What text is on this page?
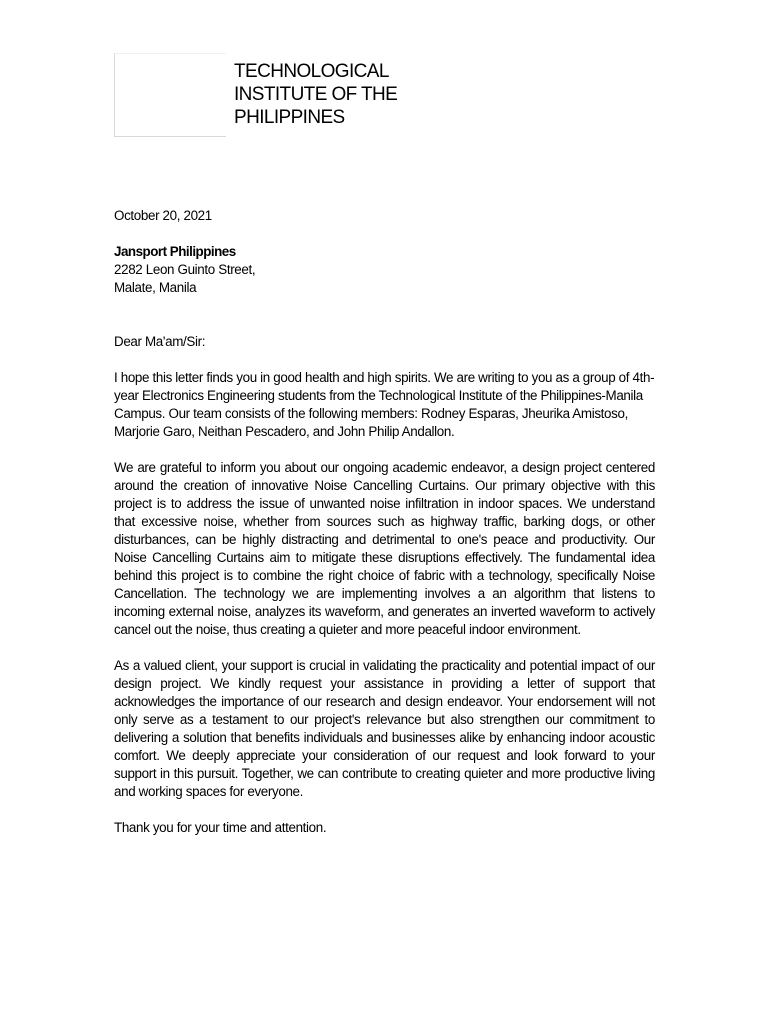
TECHNOLOGICAL
INSTITUTE OF THE
PHILIPPINES

October 20, 2021

Jansport Philippines

2282 Leon Guinto Street,

Malate, Manila

Dear Ma'am/Sir:

I hope this letter finds you in good health and high spirits. We are writing to you as a group of 4th-year Electronics Engineering students from the Technological Institute of the Philippines-Manila Campus. Our team consists of the following members: Rodney Esparas, Jheurika Amistoso, Marjorie Garo, Neithan Pescadero, and John Philip Andallon.

We are grateful to inform you about our ongoing academic endeavor, a design project centered around the creation of innovative Noise Cancelling Curtains. Our primary objective with this project is to address the issue of unwanted noise infiltration in indoor spaces. We understand that excessive noise, whether from sources such as highway traffic, barking dogs, or other disturbances, can be highly distracting and detrimental to one's peace and productivity. Our Noise Cancelling Curtains aim to mitigate these disruptions effectively. The fundamental idea behind this project is to combine the right choice of fabric with a technology, specifically Noise Cancellation. The technology we are implementing involves a an algorithm that listens to incoming external noise, analyzes its waveform, and generates an inverted waveform to actively cancel out the noise, thus creating a quieter and more peaceful indoor environment.

As a valued client, your support is crucial in validating the practicality and potential impact of our design project. We kindly request your assistance in providing a letter of support that acknowledges the importance of our research and design endeavor. Your endorsement will not only serve as a testament to our project's relevance but also strengthen our commitment to delivering a solution that benefits individuals and businesses alike by enhancing indoor acoustic comfort. We deeply appreciate your consideration of our request and look forward to your support in this pursuit. Together, we can contribute to creating quieter and more productive living and working spaces for everyone.

Thank you for your time and attention.
